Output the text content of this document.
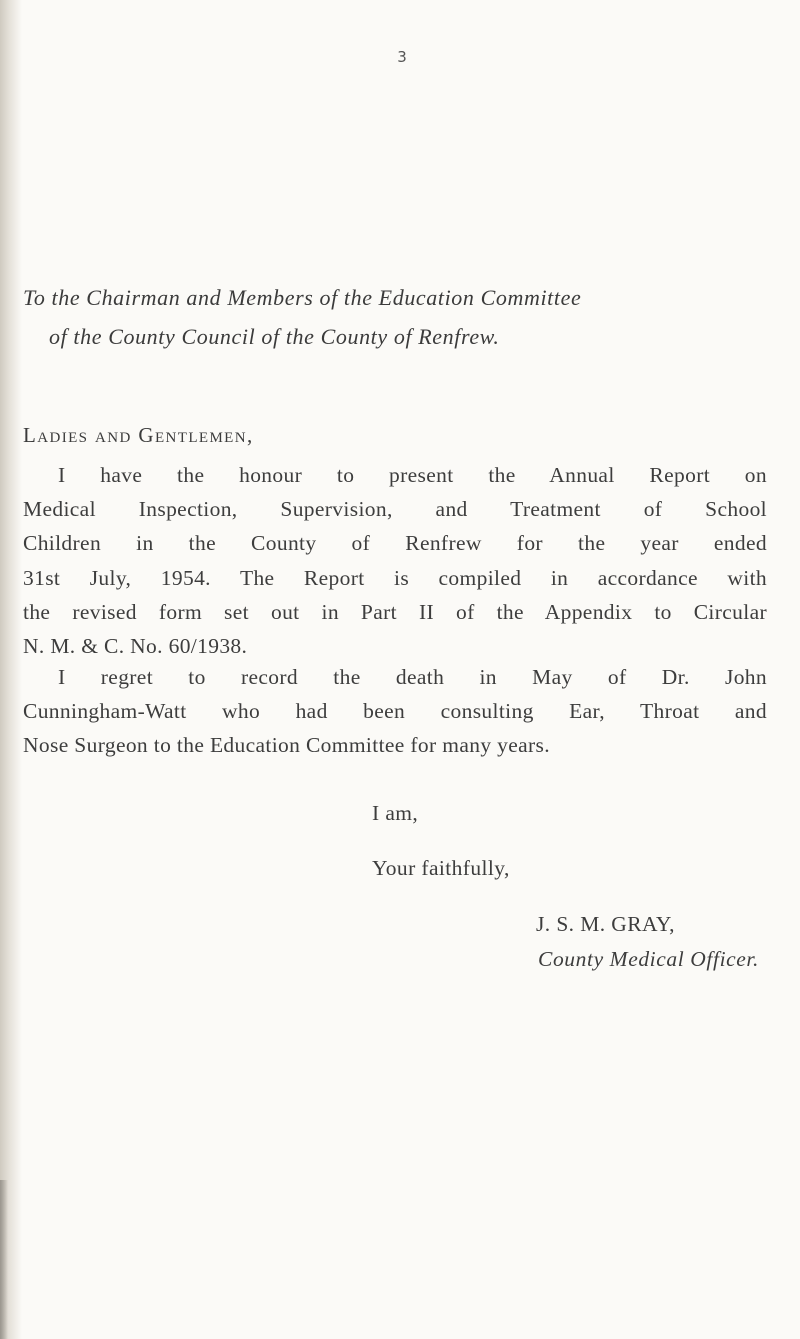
3
To the Chairman and Members of the Education Committee
of the County Council of the County of Renfrew.
Ladies and Gentlemen,
I have the honour to present the Annual Report on
Medical Inspection, Supervision, and Treatment of School
Children in the County of Renfrew for the year ended
31st July, 1954. The Report is compiled in accordance with
the revised form set out in Part II of the Appendix to Circular
N. M. & C. No. 60/1938.
I regret to record the death in May of Dr. John
Cunningham-Watt who had been consulting Ear, Throat and
Nose Surgeon to the Education Committee for many years.
I am,
Your faithfully,
J. S. M. GRAY,
County Medical Officer.
